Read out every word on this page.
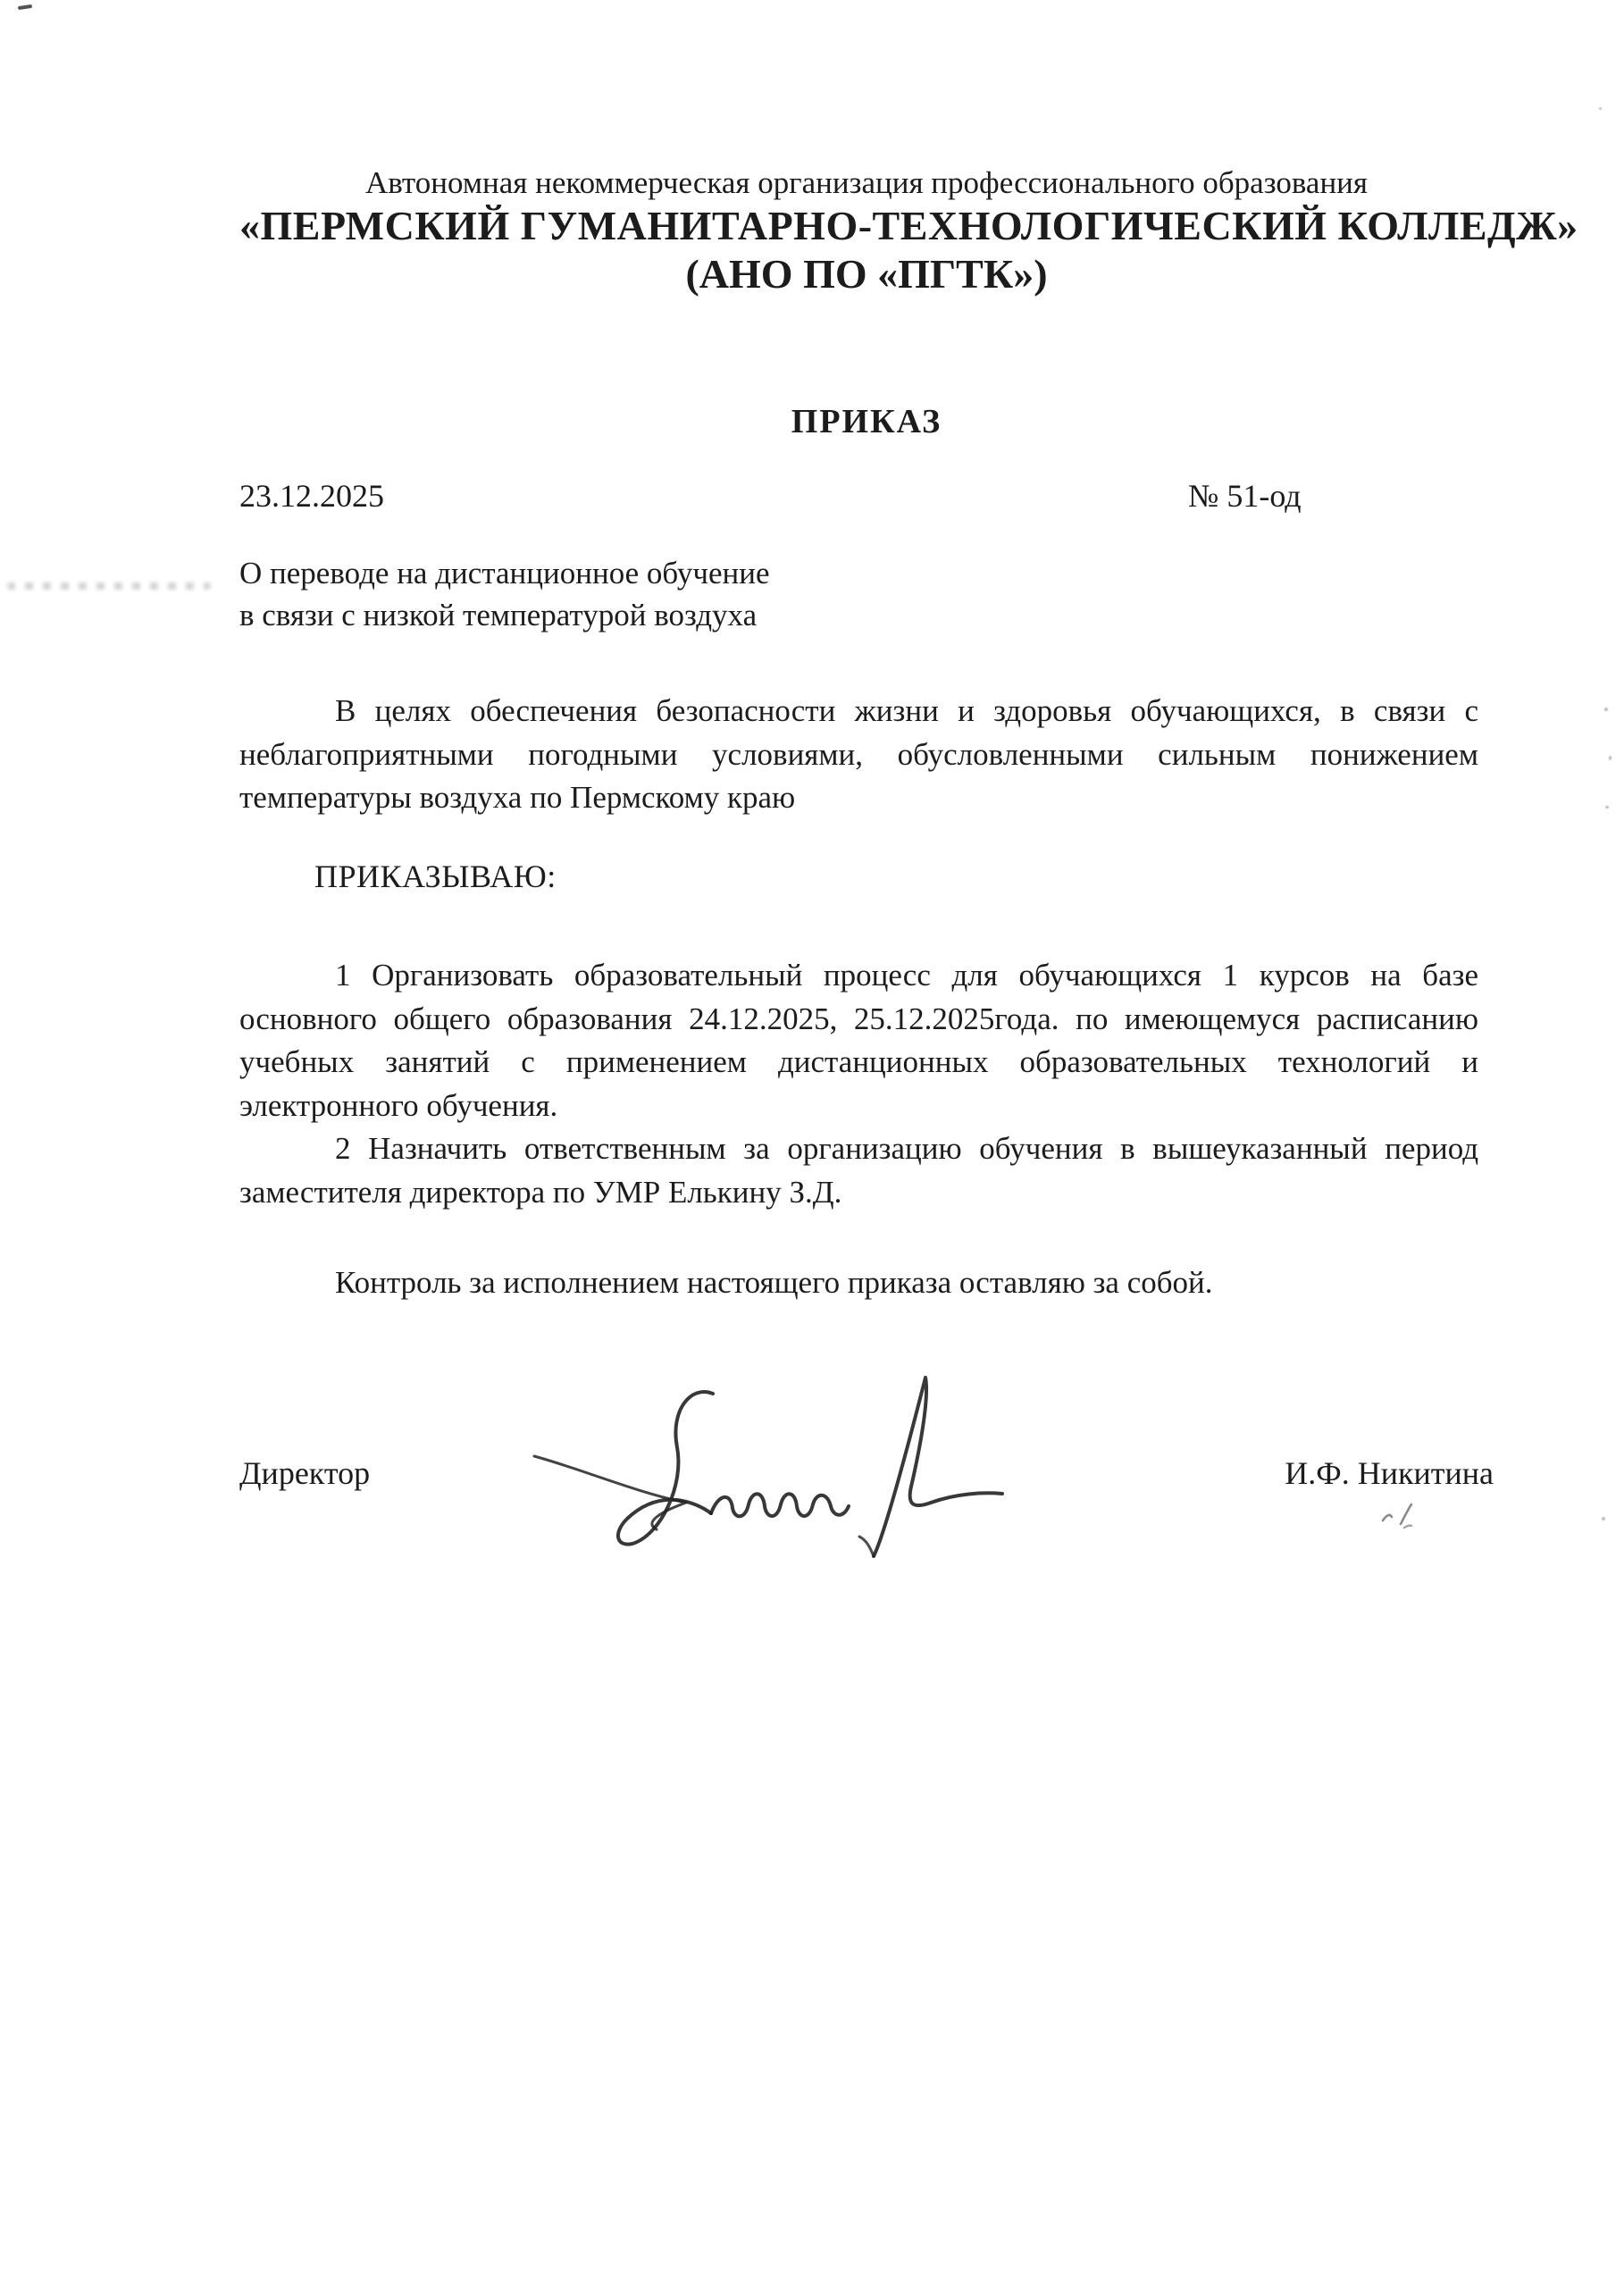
Автономная некоммерческая организация профессионального образования
«ПЕРМСКИЙ ГУМАНИТАРНО-ТЕХНОЛОГИЧЕСКИЙ КОЛЛЕДЖ»
(АНО ПО «ПГТК»)
ПРИКАЗ
23.12.2025	№ 51-од
О переводе на дистанционное обучение
в связи с низкой температурой воздуха
В целях обеспечения безопасности жизни и здоровья обучающихся, в связи с
неблагоприятными погодными условиями, обусловленными сильным понижением
температуры воздуха по Пермскому краю
ПРИКАЗЫВАЮ:
1 Организовать образовательный процесс для обучающихся 1 курсов на базе
основного общего образования 24.12.2025, 25.12.2025года. по имеющемуся расписанию
учебных занятий с применением дистанционных образовательных технологий и
электронного обучения.
2 Назначить ответственным за организацию обучения в вышеуказанный период
заместителя директора по УМР Елькину З.Д.
Контроль за исполнением настоящего приказа оставляю за собой.
Директор	И.Ф. Никитина
